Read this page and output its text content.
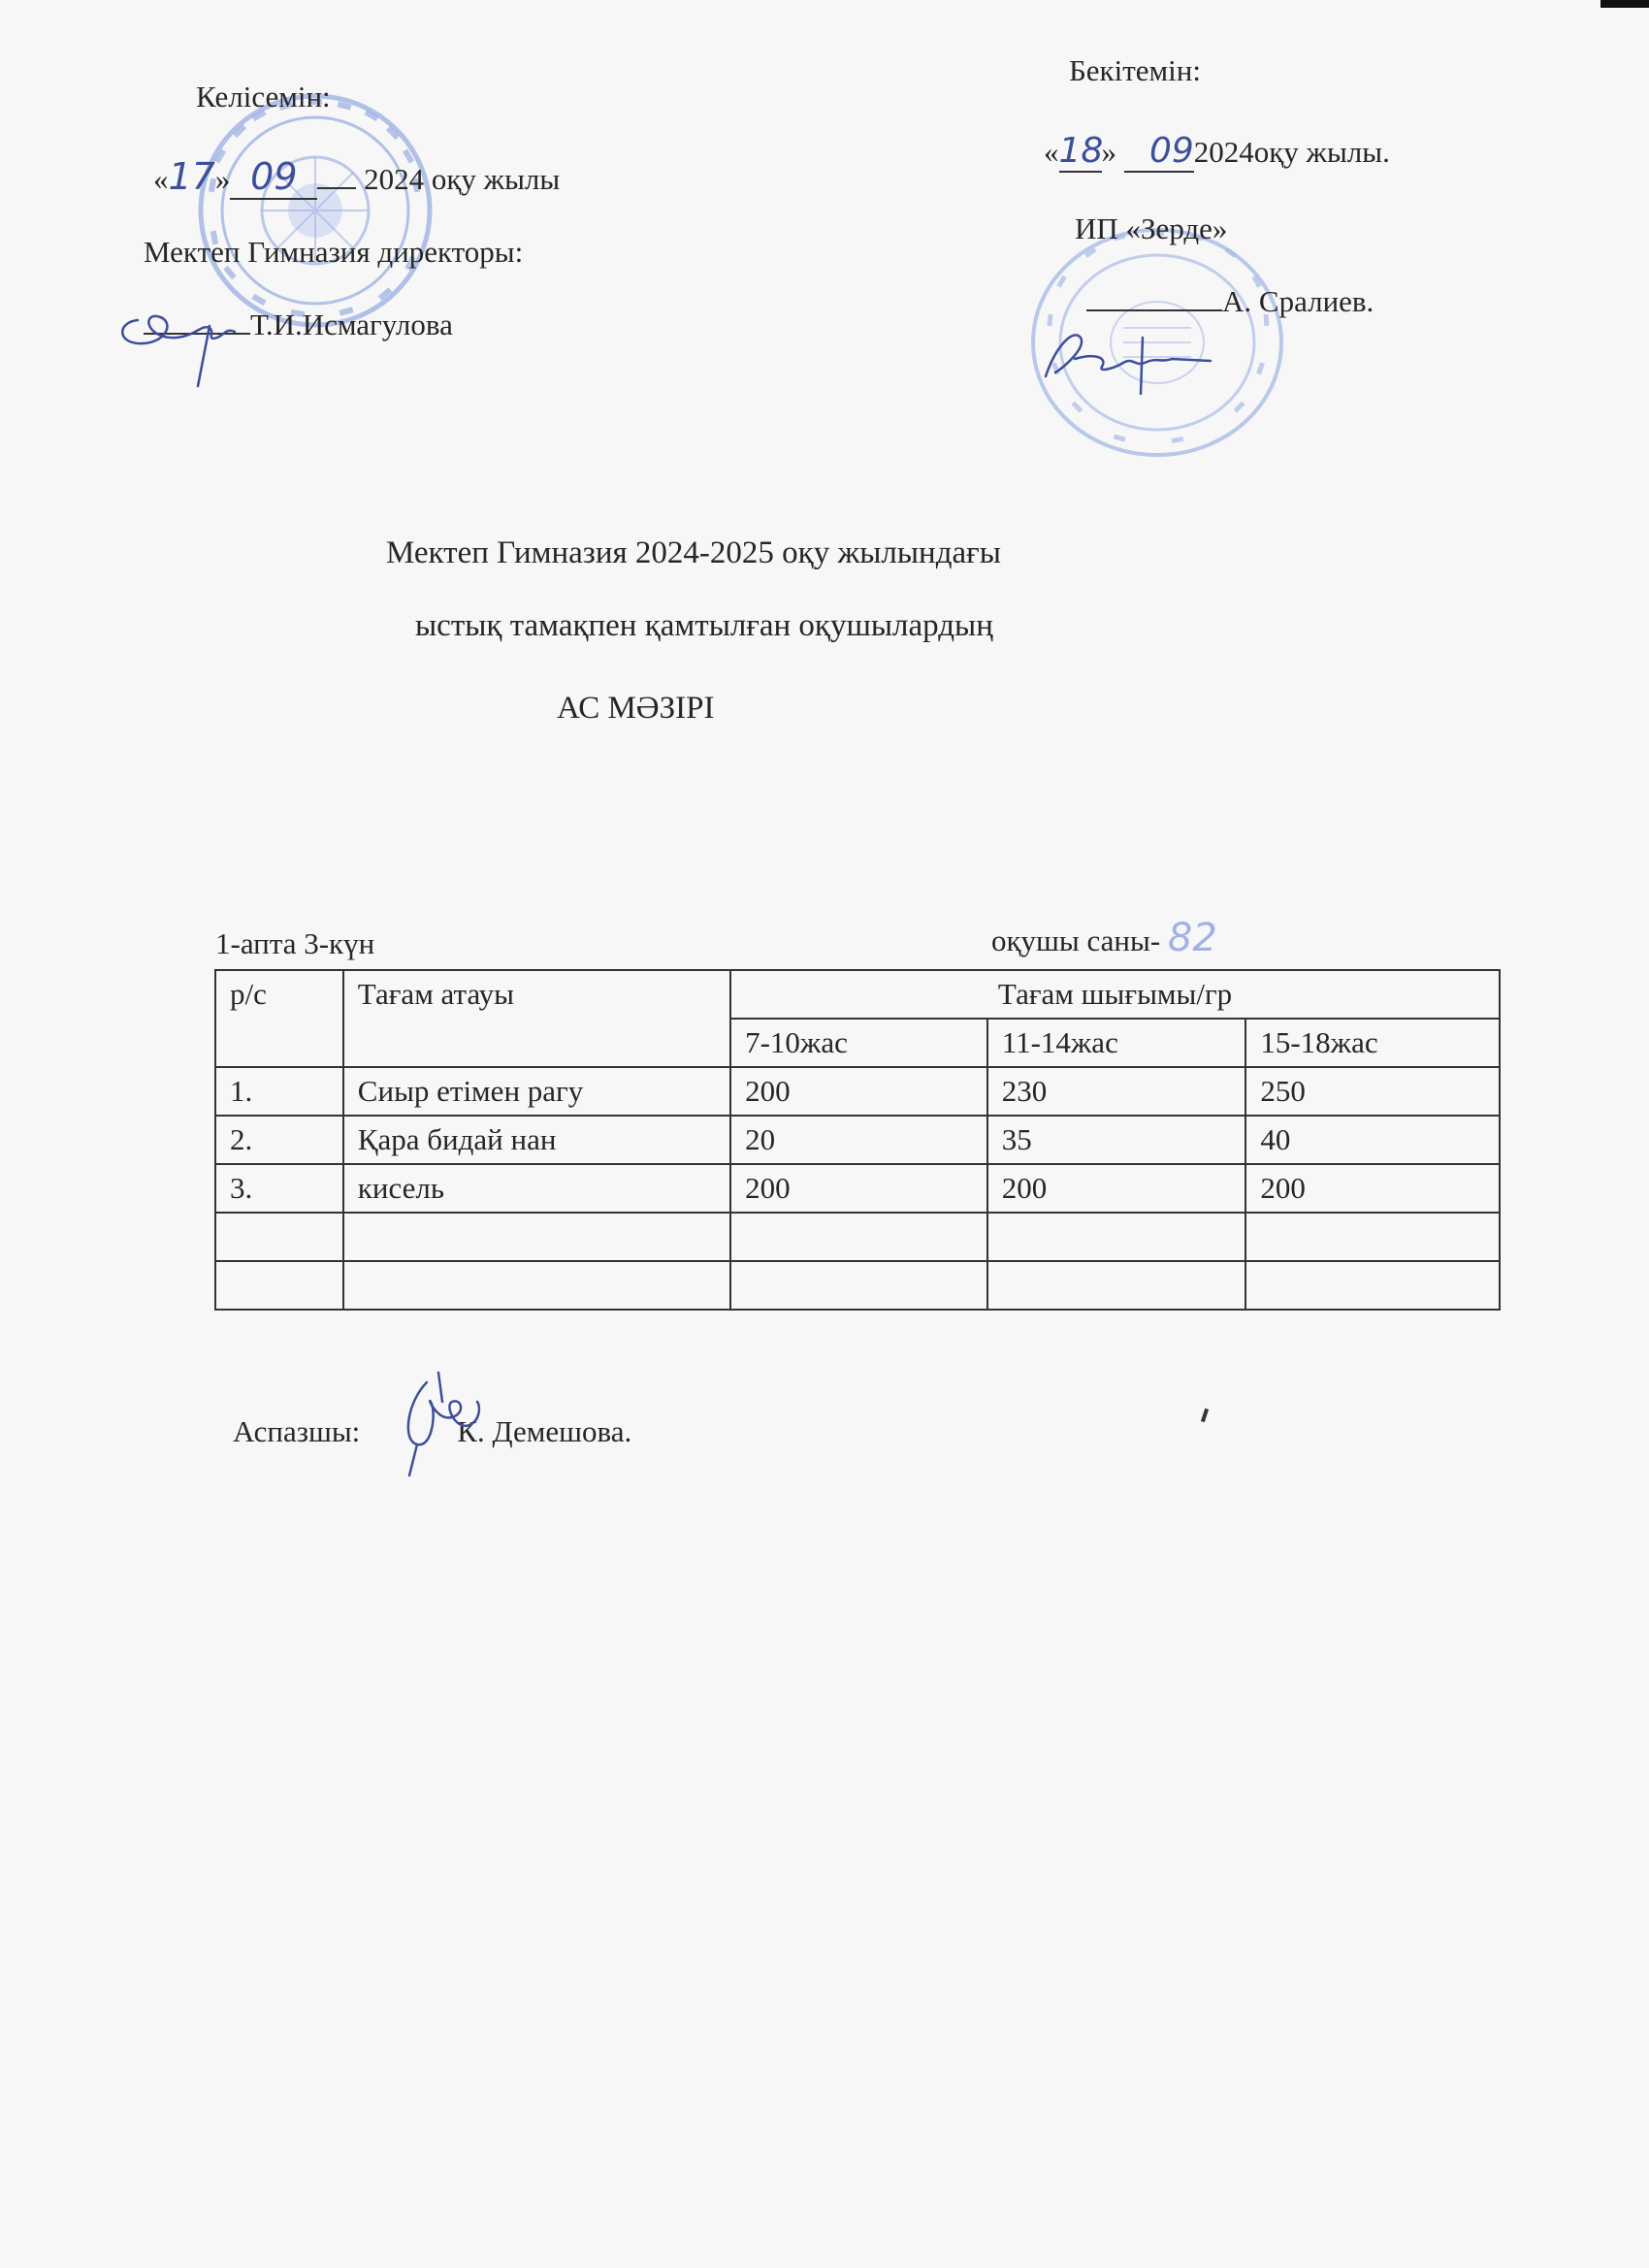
Келісемін:
«17» 09 2024 оқу жылы
Мектеп Гимназия директоры:
Т.И.Исмагулова
Бекітемін:
«18» 092024оқу жылы.
ИП «Зерде»
А. Сралиев.
Мектеп Гимназия 2024-2025 оқу жылындағы
ыстық тамақпен қамтылған оқушылардың
АС МӘЗІРІ
1-апта 3-күн	оқушы саны- 82
р/с	Тағам атауы	Тағам шығымы/гр		
		7-10жас	11-14жас	15-18жас
1.	Сиыр етімен рагу	200	230	250
2.	Қара бидай нан	20	35	40
3.	кисель	200	200	200

Аспазшы:	К. Демешова.
